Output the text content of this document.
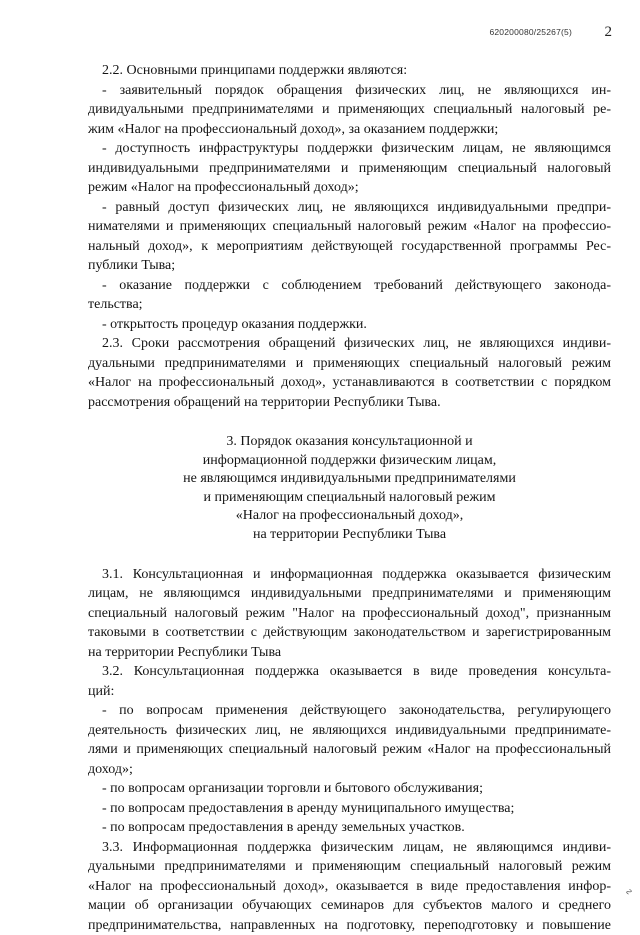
620200080/25267(5) 2

2.2. Основными принципами поддержки являются:

- заявительный порядок обращения физических лиц, не являющихся ин-

дивидуальными предпринимателями и применяющих специальный налоговый ре-

жим «Налог на профессиональный доход», за оказанием поддержки;

- доступность инфраструктуры поддержки физическим лицам, не являющимся

индивидуальными предпринимателями и применяющим специальный налоговый

режим «Налог на профессиональный доход»;

- равный доступ физических лиц, не являющихся индивидуальными предпри-

нимателями и применяющих специальный налоговый режим «Налог на профессио-

нальный доход», к мероприятиям действующей государственной программы Рес-

публики Тыва;

- оказание поддержки с соблюдением требований действующего законода-

тельства;

- открытость процедур оказания поддержки.

2.3. Сроки рассмотрения обращений физических лиц, не являющихся индиви-

дуальными предпринимателями и применяющих специальный налоговый режим

«Налог на профессиональный доход», устанавливаются в соответствии с порядком

рассмотрения обращений на территории Республики Тыва.

3. Порядок оказания консультационной и
информационной поддержки физическим лицам,
не являющимся индивидуальными предпринимателями
и применяющим специальный налоговый режим
«Налог на профессиональный доход»,
на территории Республики Тыва

3.1. Консультационная и информационная поддержка оказывается физическим

лицам, не являющимся индивидуальными предпринимателями и применяющим

специальный налоговый режим "Налог на профессиональный доход", признанным

таковыми в соответствии с действующим законодательством и зарегистрированным

на территории Республики Тыва

3.2. Консультационная поддержка оказывается в виде проведения консульта-

ций:

- по вопросам применения действующего законодательства, регулирующего

деятельность физических лиц, не являющихся индивидуальными предпринимате-

лями и применяющих специальный налоговый режим «Налог на профессиональный

доход»;

- по вопросам организации торговли и бытового обслуживания;

- по вопросам предоставления в аренду муниципального имущества;

- по вопросам предоставления в аренду земельных участков.

3.3. Информационная поддержка физическим лицам, не являющимся индиви-

дуальными предпринимателями и применяющим специальный налоговый режим

«Налог на профессиональный доход», оказывается в виде предоставления инфор-

мации об организации обучающих семинаров для субъектов малого и среднего

предпринимательства, направленных на подготовку, переподготовку и повышение

∿
